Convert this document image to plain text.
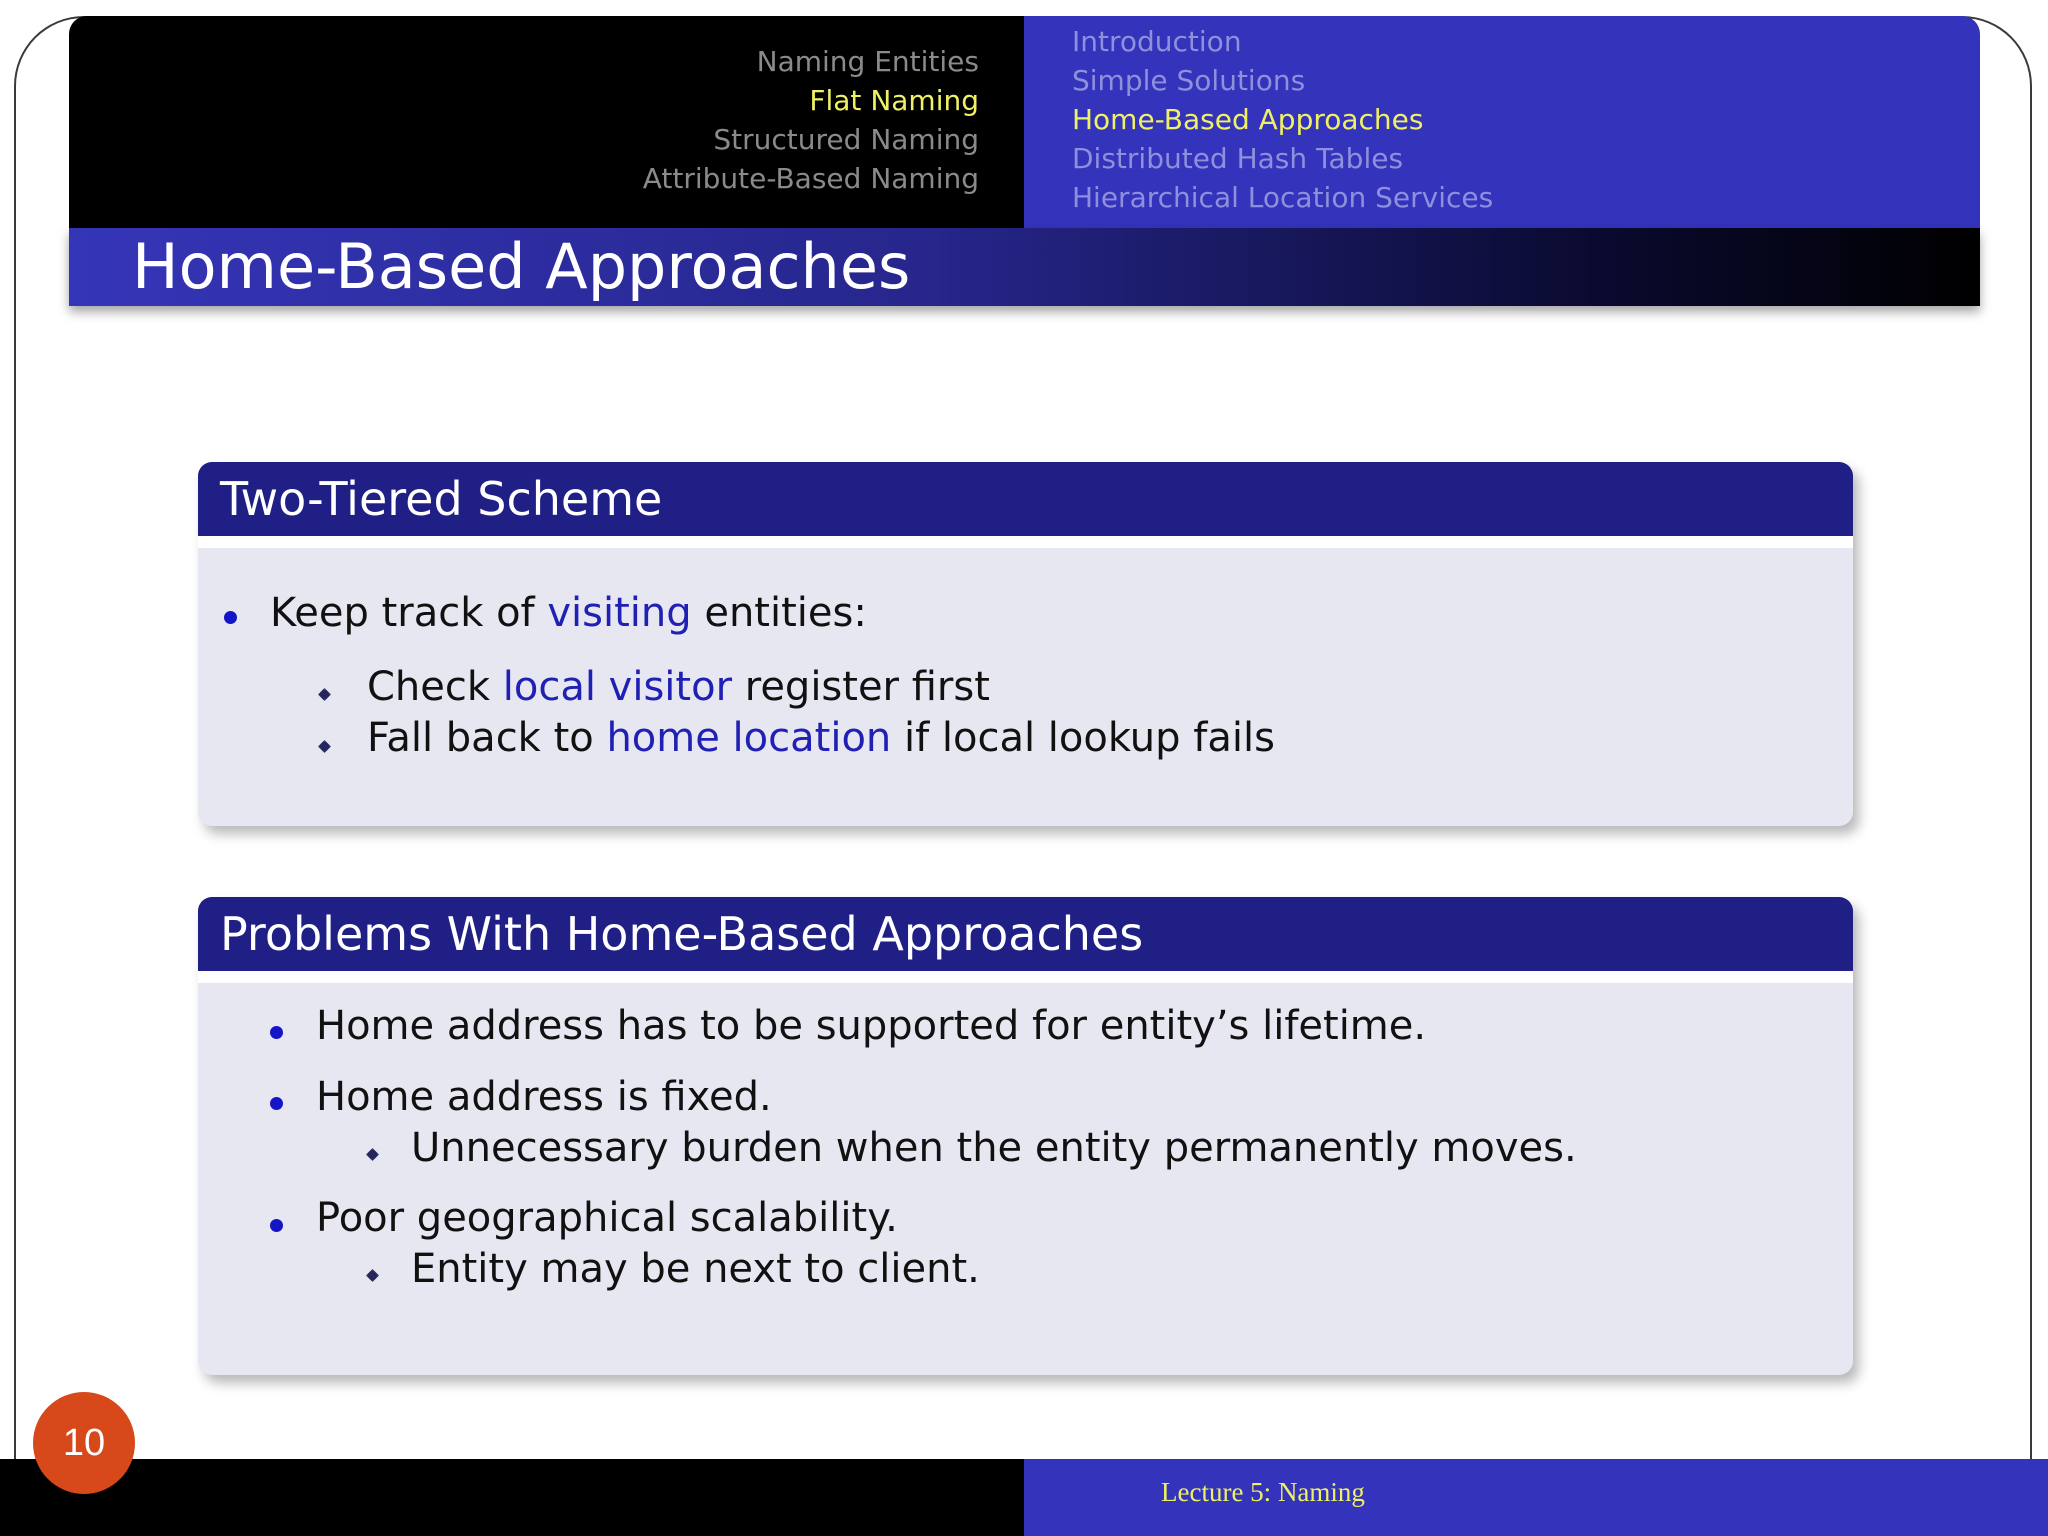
Naming Entities
Flat Naming
Structured Naming
Attribute-Based Naming
Introduction
Simple Solutions
Home-Based Approaches
Distributed Hash Tables
Hierarchical Location Services
Home-Based Approaches
Two-Tiered Scheme
Keep track of visiting entities:
Check local visitor register first
Fall back to home location if local lookup fails
Problems With Home-Based Approaches
Home address has to be supported for entity’s lifetime.
Home address is fixed.
Unnecessary burden when the entity permanently moves.
Poor geographical scalability.
Entity may be next to client.
Lecture 5: Naming
10
